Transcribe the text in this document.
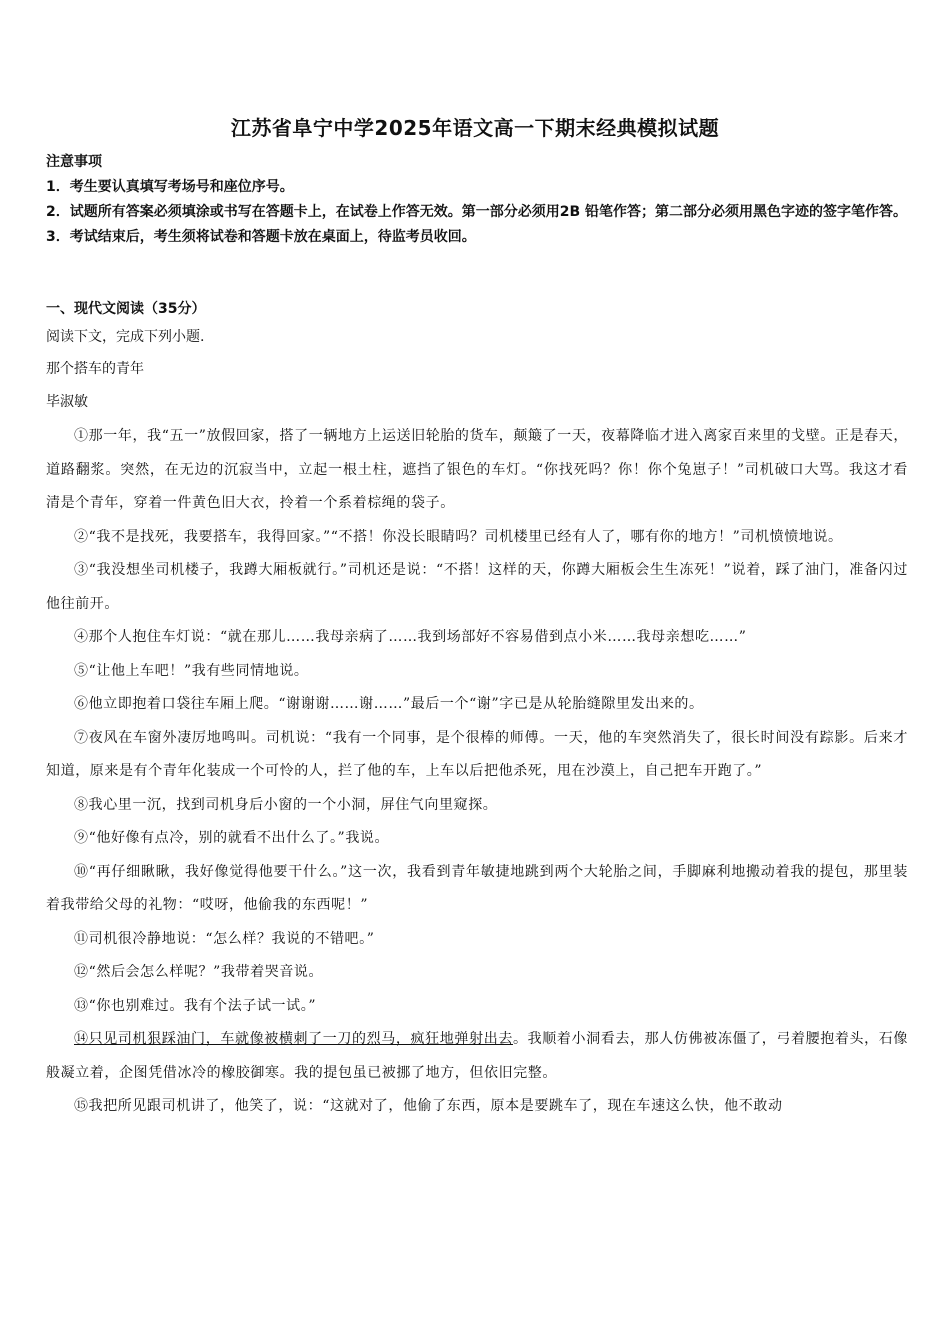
江苏省阜宁中学2025年语文高一下期末经典模拟试题

注意事项

1．考生要认真填写考场号和座位序号。

2．试题所有答案必须填涂或书写在答题卡上，在试卷上作答无效。第一部分必须用2B 铅笔作答；第二部分必须用黑色字迹的签字笔作答。

3．考试结束后，考生须将试卷和答题卡放在桌面上，待监考员收回。

一、现代文阅读（35分）
阅读下文，完成下列小题.
那个搭车的青年
毕淑敏

①那一年，我“五一”放假回家，搭了一辆地方上运送旧轮胎的货车，颠簸了一天，夜幕降临才进入离家百来里的戈壁。正是春天，道路翻浆。突然，在无边的沉寂当中，立起一根土柱，遮挡了银色的车灯。“你找死吗？你！你个兔崽子！”司机破口大骂。我这才看清是个青年，穿着一件黄色旧大衣，拎着一个系着棕绳的袋子。

②“我不是找死，我要搭车，我得回家。”“不搭！你没长眼睛吗？司机楼里已经有人了，哪有你的地方！”司机愤愤地说。

③“我没想坐司机楼子，我蹲大厢板就行。”司机还是说：“不搭！这样的天，你蹲大厢板会生生冻死！”说着，踩了油门，准备闪过他往前开。

④那个人抱住车灯说：“就在那儿……我母亲病了……我到场部好不容易借到点小米……我母亲想吃……”

⑤“让他上车吧！”我有些同情地说。

⑥他立即抱着口袋往车厢上爬。“谢谢谢……谢……”最后一个“谢”字已是从轮胎缝隙里发出来的。

⑦夜风在车窗外凄厉地鸣叫。司机说：“我有一个同事，是个很棒的师傅。一天，他的车突然消失了，很长时间没有踪影。后来才知道，原来是有个青年化装成一个可怜的人，拦了他的车，上车以后把他杀死，甩在沙漠上，自己把车开跑了。”

⑧我心里一沉，找到司机身后小窗的一个小洞，屏住气向里窥探。

⑨“他好像有点冷，别的就看不出什么了。”我说。

⑩“再仔细瞅瞅，我好像觉得他要干什么。”这一次，我看到青年敏捷地跳到两个大轮胎之间，手脚麻利地搬动着我的提包，那里装着我带给父母的礼物：“哎呀，他偷我的东西呢！”

⑪司机很冷静地说：“怎么样？我说的不错吧。”

⑫“然后会怎么样呢？”我带着哭音说。

⑬“你也别难过。我有个法子试一试。”

⑭只见司机狠踩油门，车就像被横刺了一刀的烈马，疯狂地弹射出去。我顺着小洞看去，那人仿佛被冻僵了，弓着腰抱着头，石像般凝立着，企图凭借冰冷的橡胶御寒。我的提包虽已被挪了地方，但依旧完整。

⑮我把所见跟司机讲了，他笑了，说：“这就对了，他偷了东西，原本是要跳车了，现在车速这么快，他不敢动
